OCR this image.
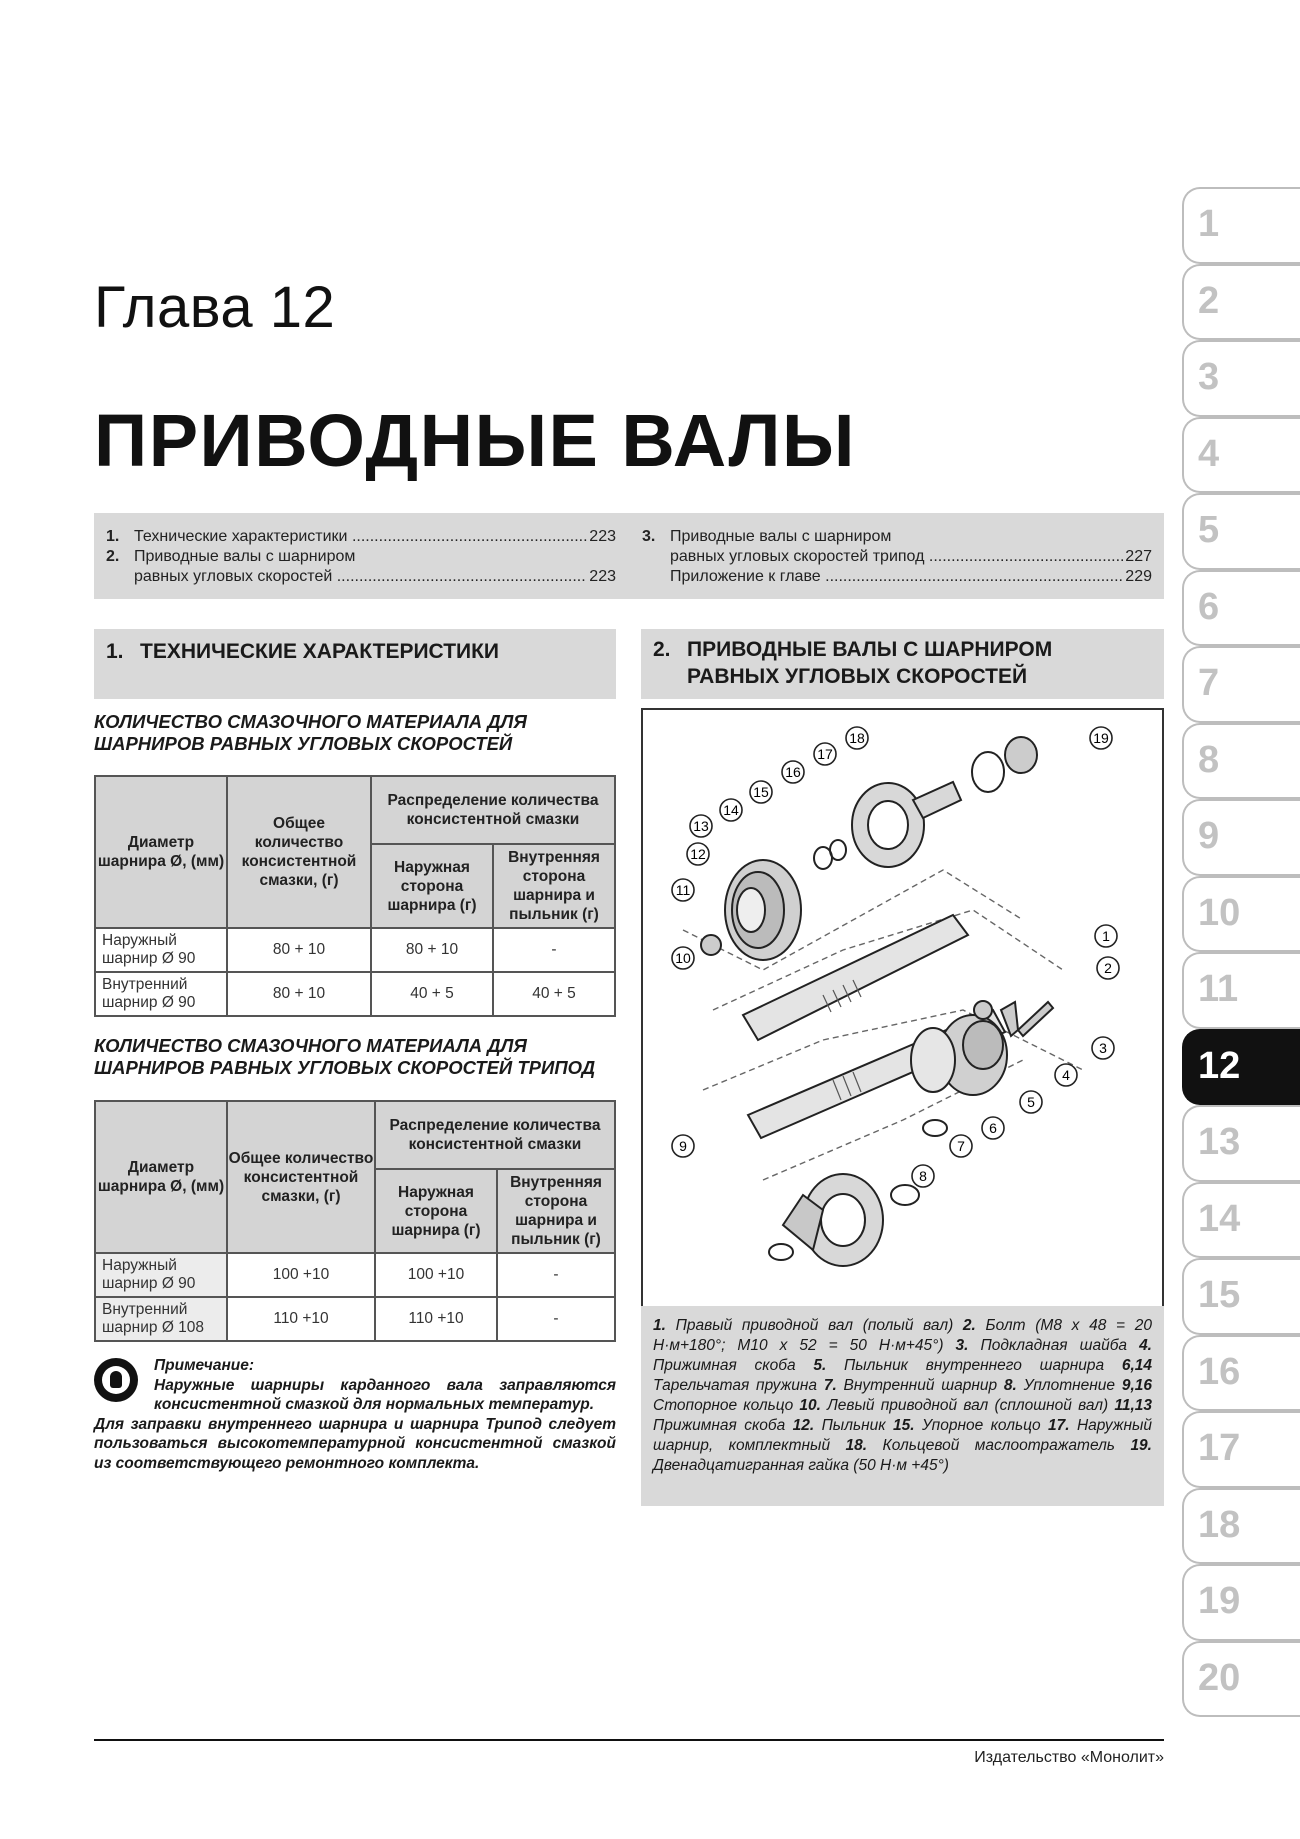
Глава 12
ПРИВОДНЫЕ ВАЛЫ
1
2
3
4
5
6
7
8
9
10
11
12
13
14
15
16
17
18
19
20
1. Технические характеристики .....	223
2. Приводные валы с шарниром
равных угловых скоростей .....	223
3. Приводные валы с шарниром
равных угловых скоростей трипод .....	227
Приложение к главе .....	229
1. ТЕХНИЧЕСКИЕ ХАРАКТЕРИСТИКИ	2. ПРИВОДНЫЕ ВАЛЫ С ШАРНИРОМ
РАВНЫХ УГЛОВЫХ СКОРОСТЕЙ
КОЛИЧЕСТВО СМАЗОЧНОГО МАТЕРИАЛА ДЛЯ
ШАРНИРОВ РАВНЫХ УГЛОВЫХ СКОРОСТЕЙ
Диаметр шарнира Ø, (мм)	Общее количество консистентной смазки, (г)	Распределение количества консистентной смазки	
		Наружная сторона шарнира (г)	Внутренняя сторона шарнира и пыльник (г)

Наружный
шарнир Ø 90	80 + 10	80 + 10	-

Внутренний
шарнир Ø 90	80 + 10	40 + 5	40 + 5
КОЛИЧЕСТВО СМАЗОЧНОГО МАТЕРИАЛА ДЛЯ
ШАРНИРОВ РАВНЫХ УГЛОВЫХ СКОРОСТЕЙ ТРИПОД
Диаметр шарнира Ø, (мм)	Общее количество консистентной смазки, (г)	Распределение количества консистентной смазки	
		Наружная сторона шарнира (г)	Внутренняя сторона шарнира и пыльник (г)

Наружный
шарнир Ø 90	100 +10	100 +10	-

Внутренний
шарнир Ø 108	110 +10	110 +10	-
Примечание:
Наружные шарниры карданного вала заправляются консистентной смазкой для нормальных температур.
Для заправки внутреннего шарнира и шарнира Трипод следует пользоваться высокотемпературной консистентной смазкой из соответствующего ремонтного комплекта.
1
2
3
4
5
6
7
8
9
10
11
12
13
14
15
16
17
18	19
1. Правый приводной вал (полый вал) 2. Болт (М8 x 48 = 20 Н·м+180°; М10 x 52 = 50 Н·м+45°) 3. Подкладная шайба 4. Прижимная скоба 5. Пыльник внутреннего шарнира 6,14 Тарельчатая пружина 7. Внутренний шарнир 8. Уплотнение 9,16 Стопорное кольцо 10. Левый приводной вал (сплошной вал) 11,13 Прижимная скоба 12. Пыльник 15. Упорное кольцо 17. Наружный шарнир, комплектный 18. Кольцевой маслоотражатель 19. Двенадцатигранная гайка (50 Н·м +45°)
Издательство «Монолит»
